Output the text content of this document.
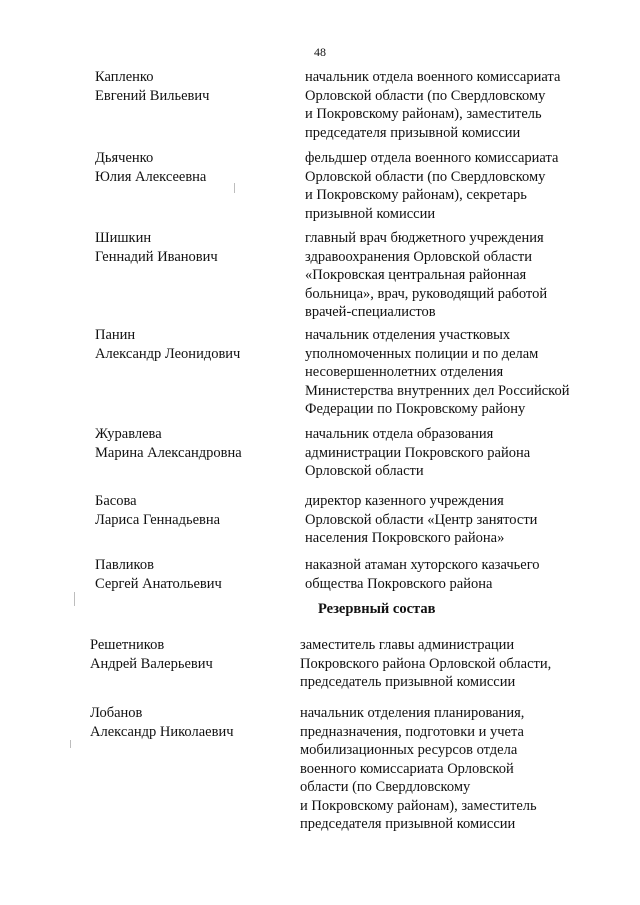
48
Капленко
Евгений Вильевич
начальник отдела военного комиссариата
Орловской области (по Свердловскому
и Покровскому районам), заместитель
председателя призывной комиссии
Дьяченко
Юлия Алексеевна
фельдшер отдела военного комиссариата
Орловской области (по Свердловскому
и Покровскому районам), секретарь
призывной комиссии
Шишкин
Геннадий Иванович
главный врач бюджетного учреждения
здравоохранения Орловской области
«Покровская центральная районная
больница», врач, руководящий работой
врачей-специалистов
Панин
Александр Леонидович
начальник отделения участковых
уполномоченных полиции и по делам
несовершеннолетних отделения
Министерства внутренних дел Российской
Федерации по Покровскому району
Журавлева
Марина Александровна
начальник отдела образования
администрации Покровского района
Орловской области
Басова
Лариса Геннадьевна
директор казенного учреждения
Орловской области «Центр занятости
населения Покровского района»
Павликов
Сергей Анатольевич
наказной атаман хуторского казачьего
общества Покровского района
Резервный состав
Решетников
Андрей Валерьевич
заместитель главы администрации
Покровского района Орловской области,
председатель призывной комиссии
Лобанов
Александр Николаевич
начальник отделения планирования,
предназначения, подготовки и учета
мобилизационных ресурсов отдела
военного комиссариата Орловской
области (по Свердловскому
и Покровскому районам), заместитель
председателя призывной комиссии
